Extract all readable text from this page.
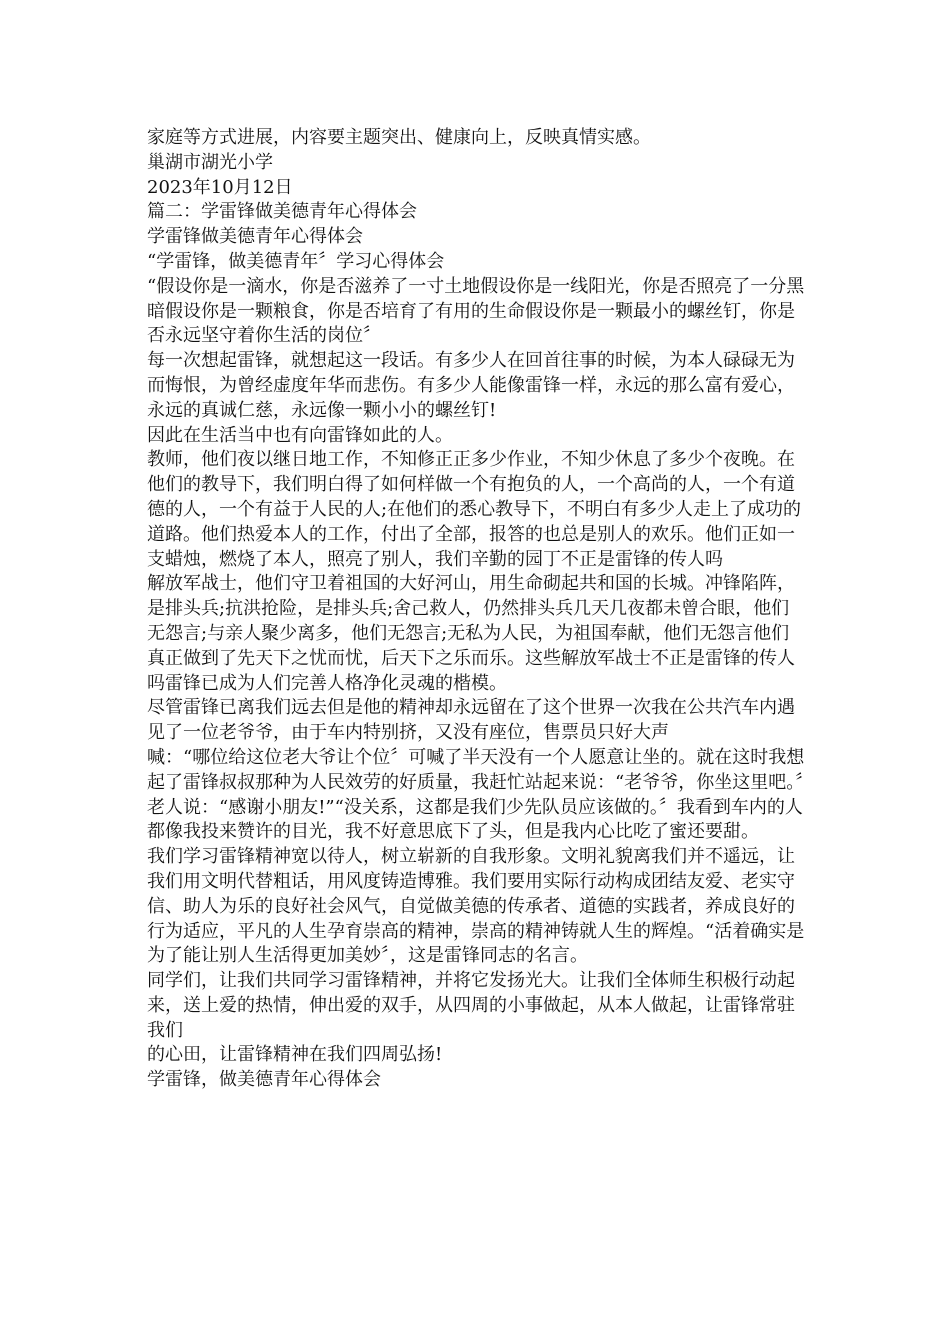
家庭等方式进展，内容要主题突出、健康向上，反映真情实感。

巢湖市湖光小学

2023年10月12日

篇二：学雷锋做美德青年心得体会

学雷锋做美德青年心得体会

“学雷锋，做美德青年〞学习心得体会

“假设你是一滴水，你是否滋养了一寸土地假设你是一线阳光，你是否照亮了一分黑暗假设你是一颗粮食，你是否培育了有用的生命假设你是一颗最小的螺丝钉，你是否永远坚守着你生活的岗位〞

每一次想起雷锋，就想起这一段话。有多少人在回首往事的时候，为本人碌碌无为而悔恨，为曾经虚度年华而悲伤。有多少人能像雷锋一样，永远的那么富有爱心，永远的真诚仁慈，永远像一颗小小的螺丝钉!

因此在生活当中也有向雷锋如此的人。

教师，他们夜以继日地工作，不知修正正多少作业，不知少休息了多少个夜晚。在他们的教导下，我们明白得了如何样做一个有抱负的人，一个高尚的人，一个有道德的人，一个有益于人民的人;在他们的悉心教导下，不明白有多少人走上了成功的道路。他们热爱本人的工作，付出了全部，报答的也总是别人的欢乐。他们正如一支蜡烛，燃烧了本人，照亮了别人，我们辛勤的园丁不正是雷锋的传人吗

解放军战士，他们守卫着祖国的大好河山，用生命砌起共和国的长城。冲锋陷阵，是排头兵;抗洪抢险，是排头兵;舍己救人，仍然排头兵几天几夜都未曾合眼，他们无怨言;与亲人聚少离多，他们无怨言;无私为人民，为祖国奉献，他们无怨言他们真正做到了先天下之忧而忧，后天下之乐而乐。这些解放军战士不正是雷锋的传人吗雷锋已成为人们完善人格净化灵魂的楷模。

尽管雷锋已离我们远去但是他的精神却永远留在了这个世界一次我在公共汽车内遇见了一位老爷爷，由于车内特别挤，又没有座位，售票员只好大声

喊：“哪位给这位老大爷让个位〞可喊了半天没有一个人愿意让坐的。就在这时我想起了雷锋叔叔那种为人民效劳的好质量，我赶忙站起来说：“老爷爷，你坐这里吧。〞老人说：“感谢小朋友!”“没关系，这都是我们少先队员应该做的。〞我看到车内的人都像我投来赞许的目光，我不好意思底下了头，但是我内心比吃了蜜还要甜。

我们学习雷锋精神宽以待人，树立崭新的自我形象。文明礼貌离我们并不遥远，让我们用文明代替粗话，用风度铸造博雅。我们要用实际行动构成团结友爱、老实守信、助人为乐的良好社会风气，自觉做美德的传承者、道德的实践者，养成良好的行为适应，平凡的人生孕育崇高的精神，崇高的精神铸就人生的辉煌。“活着确实是为了能让别人生活得更加美妙〞，这是雷锋同志的名言。

同学们，让我们共同学习雷锋精神，并将它发扬光大。让我们全体师生积极行动起来，送上爱的热情，伸出爱的双手，从四周的小事做起，从本人做起，让雷锋常驻我们

的心田，让雷锋精神在我们四周弘扬!

学雷锋，做美德青年心得体会
